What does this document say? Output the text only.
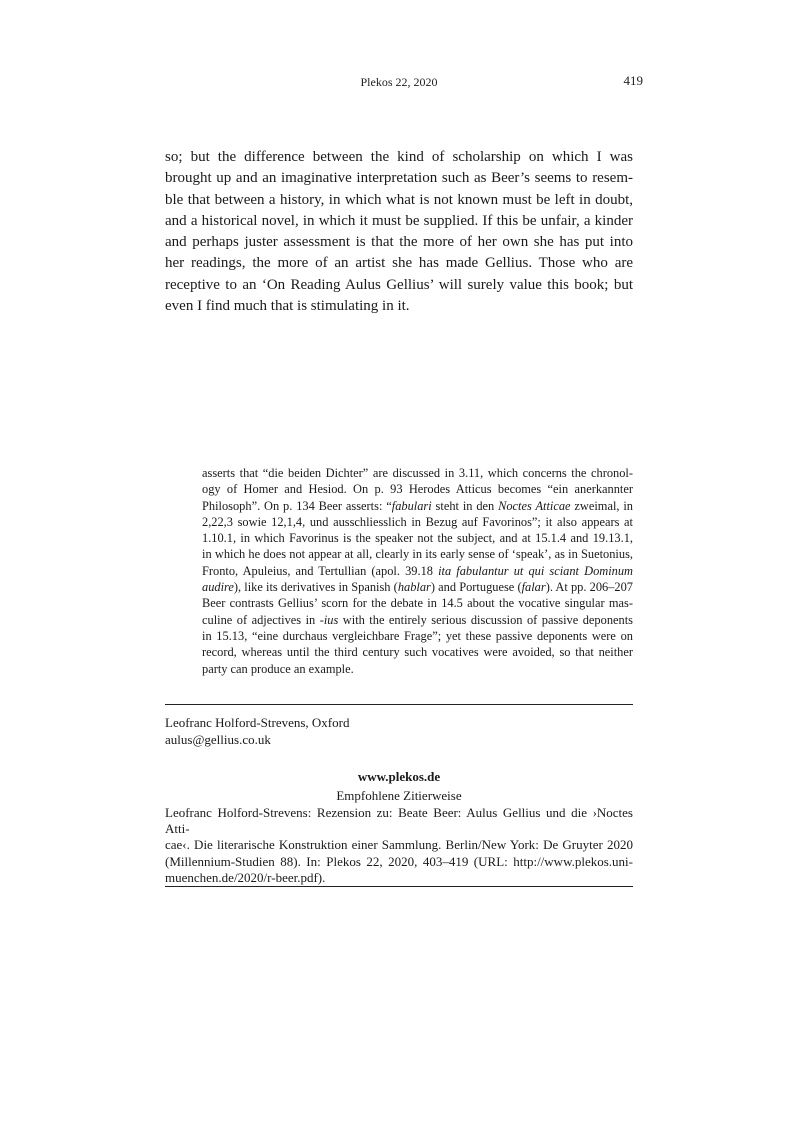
Plekos 22, 2020	419

so; but the difference between the kind of scholarship on which I was
brought up and an imaginative interpretation such as Beer’s seems to resem-
ble that between a history, in which what is not known must be left in doubt,
and a historical novel, in which it must be supplied. If this be unfair, a kinder
and perhaps juster assessment is that the more of her own she has put into
her readings, the more of an artist she has made Gellius. Those who are
receptive to an ‘On Reading Aulus Gellius’ will surely value this book; but
even I find much that is stimulating in it.

asserts that “die beiden Dichter” are discussed in 3.11, which concerns the chronol-
ogy of Homer and Hesiod. On p. 93 Herodes Atticus becomes “ein anerkannter
Philosoph”. On p. 134 Beer asserts: “fabulari steht in den Noctes Atticae zweimal, in
2,22,3 sowie 12,1,4, und ausschliesslich in Bezug auf Favorinos”; it also appears at
1.10.1, in which Favorinus is the speaker not the subject, and at 15.1.4 and 19.13.1,
in which he does not appear at all, clearly in its early sense of ‘speak’, as in Suetonius,
Fronto, Apuleius, and Tertullian (apol. 39.18 ita fabulantur ut qui sciant Dominum
audire), like its derivatives in Spanish (hablar) and Portuguese (falar). At pp. 206–207
Beer contrasts Gellius’ scorn for the debate in 14.5 about the vocative singular mas-
culine of adjectives in -ius with the entirely serious discussion of passive deponents
in 15.13, “eine durchaus vergleichbare Frage”; yet these passive deponents were on
record, whereas until the third century such vocatives were avoided, so that neither
party can produce an example.

Leofranc Holford-Strevens, Oxford
aulus@gellius.co.uk
www.plekos.de
Empfohlene Zitierweise

Leofranc Holford-Strevens: Rezension zu: Beate Beer: Aulus Gellius und die ›Noctes Atti-
cae‹. Die literarische Konstruktion einer Sammlung. Berlin/New York: De Gruyter 2020
(Millennium-Studien 88). In: Plekos 22, 2020, 403–419 (URL: http://www.plekos.uni-
muenchen.de/2020/r-beer.pdf).
